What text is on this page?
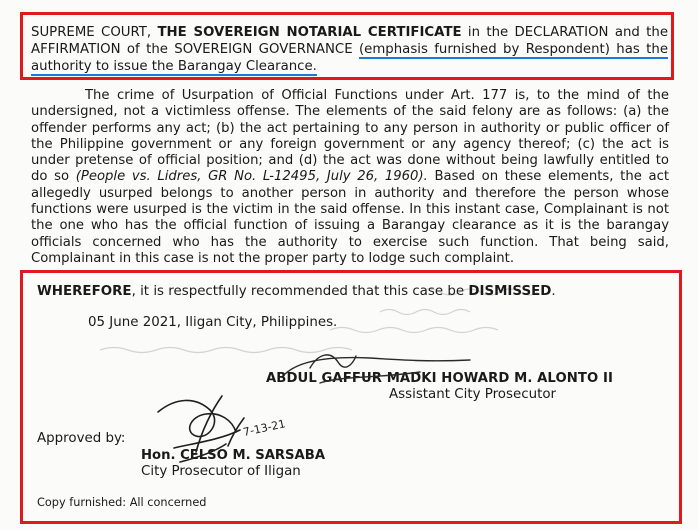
SUPREME COURT, THE SOVEREIGN NOTARIAL CERTIFICATE in the DECLARATION and the AFFIRMATION of the SOVEREIGN GOVERNANCE (emphasis furnished by Respondent) has the authority to issue the Barangay Clearance.
The crime of Usurpation of Official Functions under Art. 177 is, to the mind of the undersigned, not a victimless offense. The elements of the said felony are as follows: (a) the offender performs any act; (b) the act pertaining to any person in authority or public officer of the Philippine government or any foreign government or any agency thereof; (c) the act is under pretense of official position; and (d) the act was done without being lawfully entitled to do so (People vs. Lidres, GR No. L-12495, July 26, 1960). Based on these elements, the act allegedly usurped belongs to another person in authority and therefore the person whose functions were usurped is the victim in the said offense. In this instant case, Complainant is not the one who has the official function of issuing a Barangay clearance as it is the barangay officials concerned who has the authority to exercise such function. That being said, Complainant in this case is not the proper party to lodge such complaint.
WHEREFORE, it is respectfully recommended that this case be DISMISSED.
05 June 2021, Iligan City, Philippines.
ABDUL GAFFUR MADKI HOWARD M. ALONTO II
Assistant City Prosecutor
Approved by:
Hon. CELSO M. SARSABA
City Prosecutor of Iligan
Copy furnished: All concerned
7-13-21
